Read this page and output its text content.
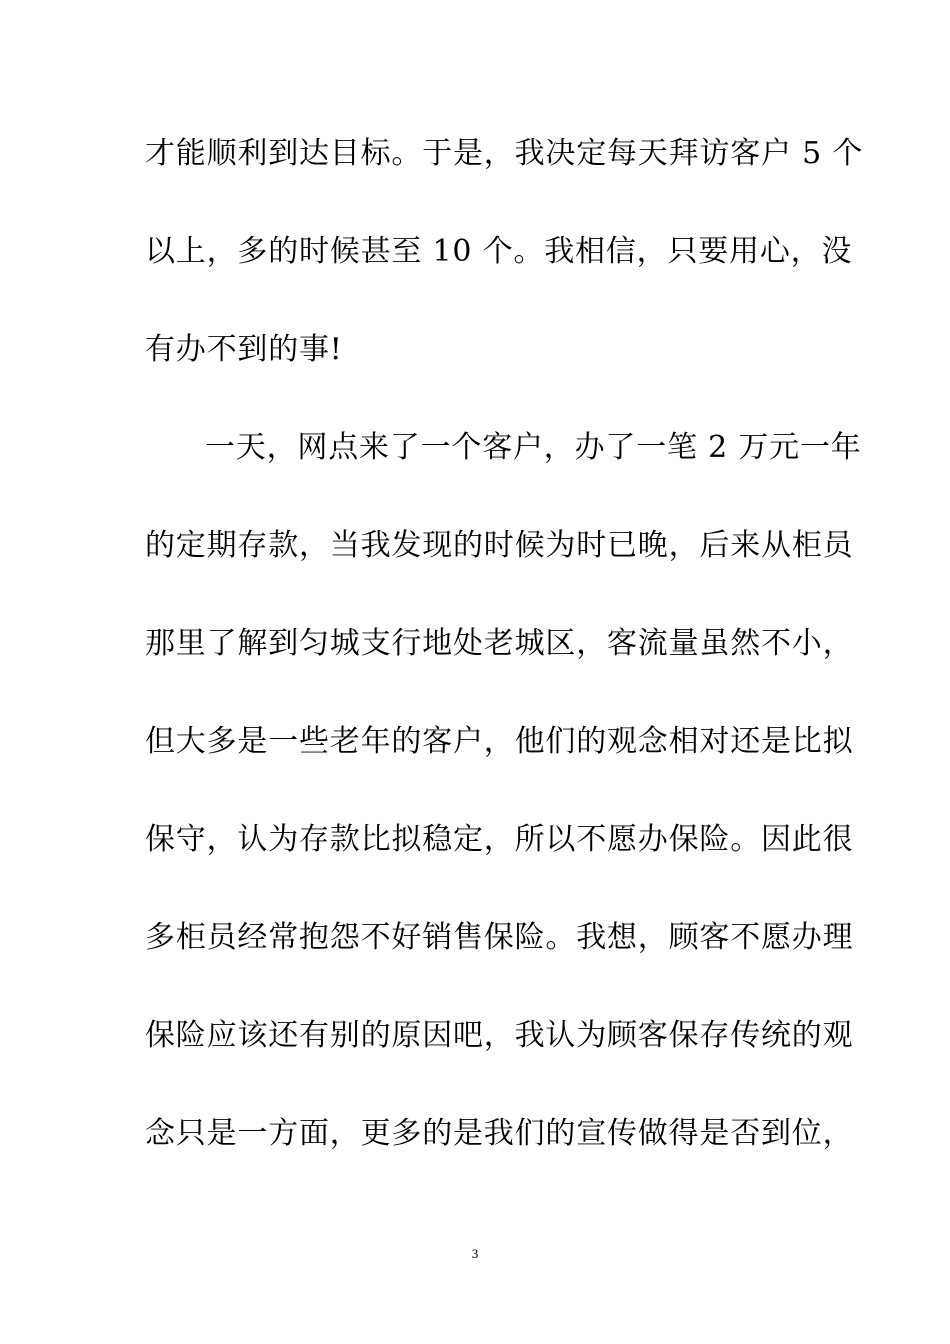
才能顺利到达目标。于是，我决定每天拜访客户 5 个
以上，多的时候甚至 10 个。我相信，只要用心，没
有办不到的事!
一天，网点来了一个客户，办了一笔 2 万元一年
的定期存款，当我发现的时候为时已晚，后来从柜员
那里了解到匀城支行地处老城区，客流量虽然不小，
但大多是一些老年的客户，他们的观念相对还是比拟
保守，认为存款比拟稳定，所以不愿办保险。因此很
多柜员经常抱怨不好销售保险。我想，顾客不愿办理
保险应该还有别的原因吧，我认为顾客保存传统的观
念只是一方面，更多的是我们的宣传做得是否到位，
3
